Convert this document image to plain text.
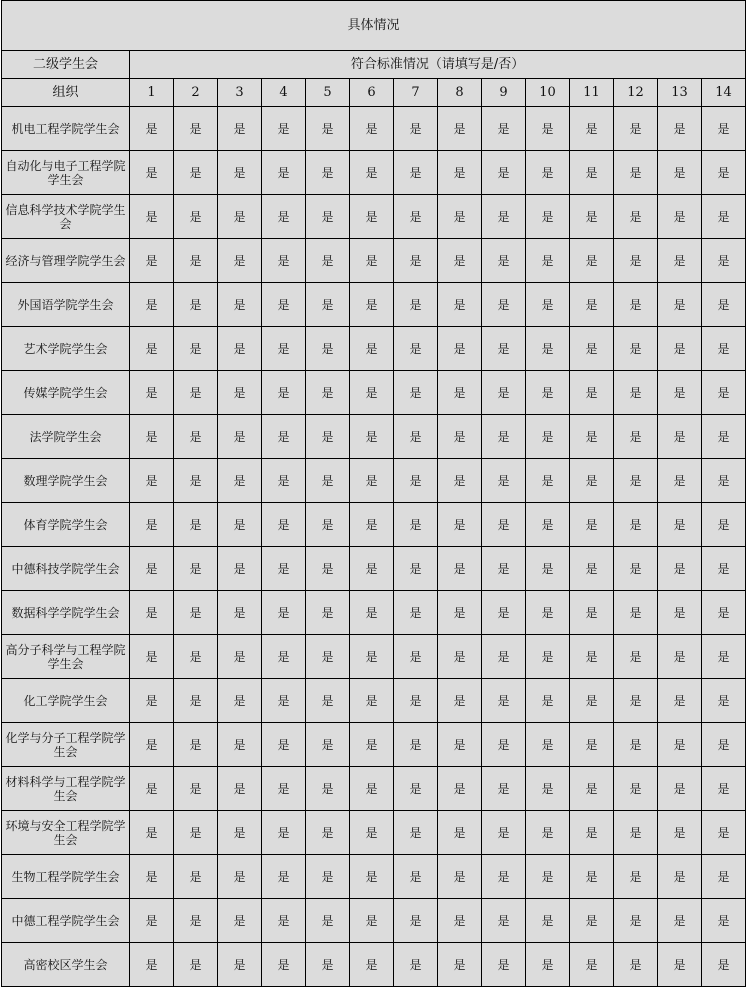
具体情况														
二级学生会	符合标准情况（请填写是/否）													
组织	1	2	3	4	5	6	7	8	9	10	11	12	13	14
机电工程学院学生会	是	是	是	是	是	是	是	是	是	是	是	是	是	是
自动化与电子工程学院学生会	是	是	是	是	是	是	是	是	是	是	是	是	是	是
信息科学技术学院学生会	是	是	是	是	是	是	是	是	是	是	是	是	是	是
经济与管理学院学生会	是	是	是	是	是	是	是	是	是	是	是	是	是	是
外国语学院学生会	是	是	是	是	是	是	是	是	是	是	是	是	是	是
艺术学院学生会	是	是	是	是	是	是	是	是	是	是	是	是	是	是
传媒学院学生会	是	是	是	是	是	是	是	是	是	是	是	是	是	是
法学院学生会	是	是	是	是	是	是	是	是	是	是	是	是	是	是
数理学院学生会	是	是	是	是	是	是	是	是	是	是	是	是	是	是
体育学院学生会	是	是	是	是	是	是	是	是	是	是	是	是	是	是
中德科技学院学生会	是	是	是	是	是	是	是	是	是	是	是	是	是	是
数据科学学院学生会	是	是	是	是	是	是	是	是	是	是	是	是	是	是
高分子科学与工程学院学生会	是	是	是	是	是	是	是	是	是	是	是	是	是	是
化工学院学生会	是	是	是	是	是	是	是	是	是	是	是	是	是	是
化学与分子工程学院学生会	是	是	是	是	是	是	是	是	是	是	是	是	是	是
材料科学与工程学院学生会	是	是	是	是	是	是	是	是	是	是	是	是	是	是
环境与安全工程学院学生会	是	是	是	是	是	是	是	是	是	是	是	是	是	是
生物工程学院学生会	是	是	是	是	是	是	是	是	是	是	是	是	是	是
中德工程学院学生会	是	是	是	是	是	是	是	是	是	是	是	是	是	是
高密校区学生会	是	是	是	是	是	是	是	是	是	是	是	是	是	是
